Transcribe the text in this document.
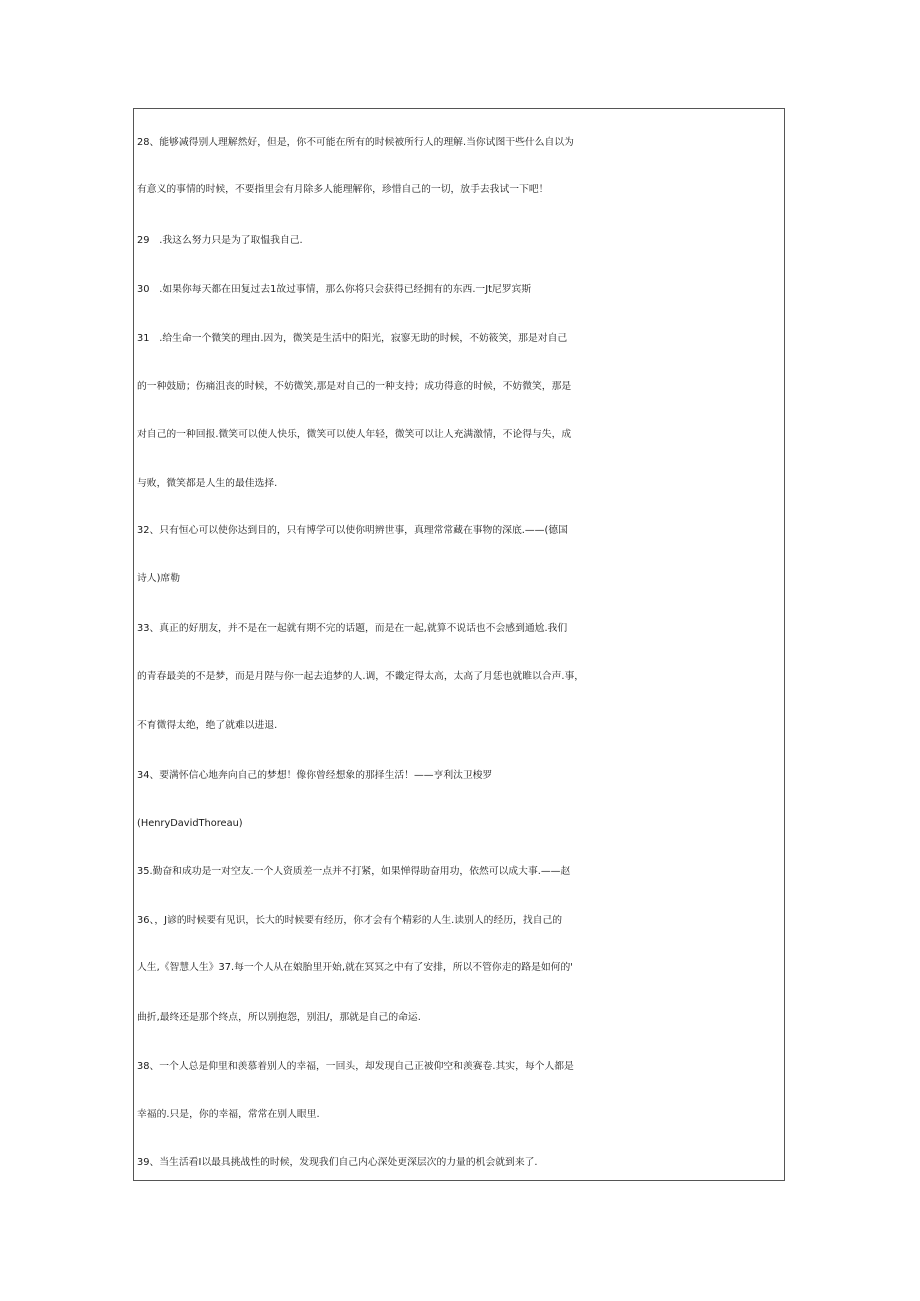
28、能够减得别人理解然好，但是，你不可能在所有的时候被所行人的理解.当你试图干些什么自以为
有意义的事情的时候，不要指里会有月除多人能理解你，珍惜自己的一切，放手去我试一下吧！
29　.我这么努力只是为了取愠我自己.
30　.如果你每天都在田复过去1故过事情，那么你将只会获得已经拥有的东西.一Jt尼罗宾斯
31　.给生命一个微笑的理由.因为，微笑是生活中的阳光，寂寥无助的时候，不妨筱笑，那是对自己
的一种鼓励；伤痛沮丧的时候，不妨微笑,那是对自己的一种支持；成功得意的时候，不妨微笑，那是
对自己的一种回报.微笑可以使人快乐，微笑可以使人年轻，微笑可以让人充满激情，不论得与失，成
与败，微笑都是人生的最佳选择.
32、只有恒心可以使你达到目的，只有博学可以使你明辨世事，真理常常藏在事物的深底.——(德国
诗人)席勒
33、真正的好朋友，并不是在一起就有期不完的话题，而是在一起,就算不说话也不会感到通尬.我们
的青春最美的不是梦，而是月陛与你一起去追梦的人.调，不畿定得太高，太高了月恁也就睢以合声.事，
不育微得太绝，绝了就难以进退.
34、要满怀信心地奔向自己的梦想！像你曾经想象的那择生活！——亨利汰卫梭罗
(HenryDavidThoreau)
35.勤奋和成功是一对空友.一个人资质差一点并不打紧，如果惮得助奋用功，依然可以成大事.——赵
36、，J谚的时候要有见识，长大的时候要有经历，你才会有个精彩的人生.读别人的经历，找自己的
人生,《智慧人生》37.每一个人从在娘胎里开始,就在冥冥之中有了安排，所以不管你走的路是如何的'
曲折,最终还是那个终点，所以别抱怨，别沮/，那就是自己的命运.
38、一个人总是仰里和羡慕着别人的幸福，一回头，却发现自己正被仰空和羡赛卷.其实，每个人都是
幸福的.只是，你的幸福，常常在别人眼里.
39、当生活看I以最具挑战性的时候，发现我们自己内心深处更深层次的力量的机会就到来了.
